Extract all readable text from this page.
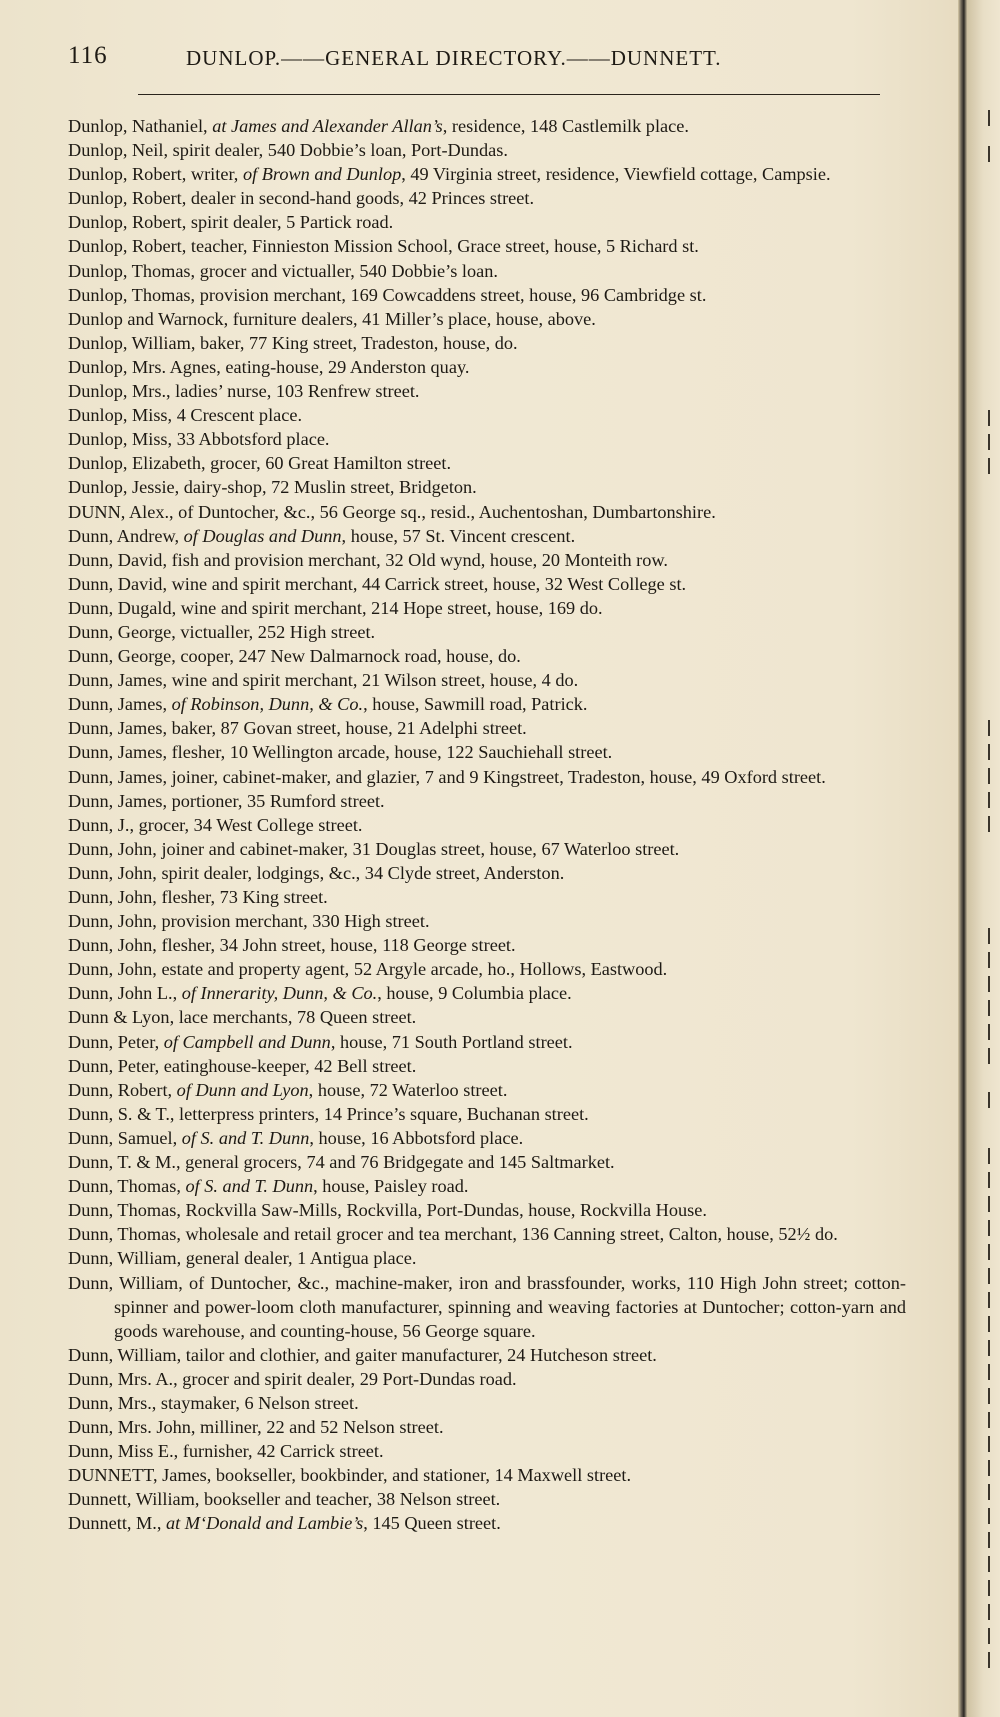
116	DUNLOP.——GENERAL DIRECTORY.——DUNNETT.
Dunlop, Nathaniel, at James and Alexander Allan’s, residence, 148 Castlemilk place.
Dunlop, Neil, spirit dealer, 540 Dobbie’s loan, Port-Dundas.
Dunlop, Robert, writer, of Brown and Dunlop, 49 Virginia street, residence, Viewfield cottage, Campsie.
Dunlop, Robert, dealer in second-hand goods, 42 Princes street.
Dunlop, Robert, spirit dealer, 5 Partick road.
Dunlop, Robert, teacher, Finnieston Mission School, Grace street, house, 5 Richard st.
Dunlop, Thomas, grocer and victualler, 540 Dobbie’s loan.
Dunlop, Thomas, provision merchant, 169 Cowcaddens street, house, 96 Cambridge st.
Dunlop and Warnock, furniture dealers, 41 Miller’s place, house, above.
Dunlop, William, baker, 77 King street, Tradeston, house, do.
Dunlop, Mrs. Agnes, eating-house, 29 Anderston quay.
Dunlop, Mrs., ladies’ nurse, 103 Renfrew street.
Dunlop, Miss, 4 Crescent place.
Dunlop, Miss, 33 Abbotsford place.
Dunlop, Elizabeth, grocer, 60 Great Hamilton street.
Dunlop, Jessie, dairy-shop, 72 Muslin street, Bridgeton.
DUNN, Alex., of Duntocher, &c., 56 George sq., resid., Auchentoshan, Dumbartonshire.
Dunn, Andrew, of Douglas and Dunn, house, 57 St. Vincent crescent.
Dunn, David, fish and provision merchant, 32 Old wynd, house, 20 Monteith row.
Dunn, David, wine and spirit merchant, 44 Carrick street, house, 32 West College st.
Dunn, Dugald, wine and spirit merchant, 214 Hope street, house, 169 do.
Dunn, George, victualler, 252 High street.
Dunn, George, cooper, 247 New Dalmarnock road, house, do.
Dunn, James, wine and spirit merchant, 21 Wilson street, house, 4 do.
Dunn, James, of Robinson, Dunn, & Co., house, Sawmill road, Patrick.
Dunn, James, baker, 87 Govan street, house, 21 Adelphi street.
Dunn, James, flesher, 10 Wellington arcade, house, 122 Sauchiehall street.
Dunn, James, joiner, cabinet-maker, and glazier, 7 and 9 Kingstreet, Tradeston, house, 49 Oxford street.
Dunn, James, portioner, 35 Rumford street.
Dunn, J., grocer, 34 West College street.
Dunn, John, joiner and cabinet-maker, 31 Douglas street, house, 67 Waterloo street.
Dunn, John, spirit dealer, lodgings, &c., 34 Clyde street, Anderston.
Dunn, John, flesher, 73 King street.
Dunn, John, provision merchant, 330 High street.
Dunn, John, flesher, 34 John street, house, 118 George street.
Dunn, John, estate and property agent, 52 Argyle arcade, ho., Hollows, Eastwood.
Dunn, John L., of Innerarity, Dunn, & Co., house, 9 Columbia place.
Dunn & Lyon, lace merchants, 78 Queen street.
Dunn, Peter, of Campbell and Dunn, house, 71 South Portland street.
Dunn, Peter, eatinghouse-keeper, 42 Bell street.
Dunn, Robert, of Dunn and Lyon, house, 72 Waterloo street.
Dunn, S. & T., letterpress printers, 14 Prince’s square, Buchanan street.
Dunn, Samuel, of S. and T. Dunn, house, 16 Abbotsford place.
Dunn, T. & M., general grocers, 74 and 76 Bridgegate and 145 Saltmarket.
Dunn, Thomas, of S. and T. Dunn, house, Paisley road.
Dunn, Thomas, Rockvilla Saw-Mills, Rockvilla, Port-Dundas, house, Rockvilla House.
Dunn, Thomas, wholesale and retail grocer and tea merchant, 136 Canning street, Calton, house, 52½ do.
Dunn, William, general dealer, 1 Antigua place.
Dunn, William, of Duntocher, &c., machine-maker, iron and brassfounder, works, 110 High John street; cotton-spinner and power-loom cloth manufacturer, spinning and weaving factories at Duntocher; cotton-yarn and goods warehouse, and counting-house, 56 George square.
Dunn, William, tailor and clothier, and gaiter manufacturer, 24 Hutcheson street.
Dunn, Mrs. A., grocer and spirit dealer, 29 Port-Dundas road.
Dunn, Mrs., staymaker, 6 Nelson street.
Dunn, Mrs. John, milliner, 22 and 52 Nelson street.
Dunn, Miss E., furnisher, 42 Carrick street.
DUNNETT, James, bookseller, bookbinder, and stationer, 14 Maxwell street.
Dunnett, William, bookseller and teacher, 38 Nelson street.
Dunnett, M., at M‘Donald and Lambie’s, 145 Queen street.
